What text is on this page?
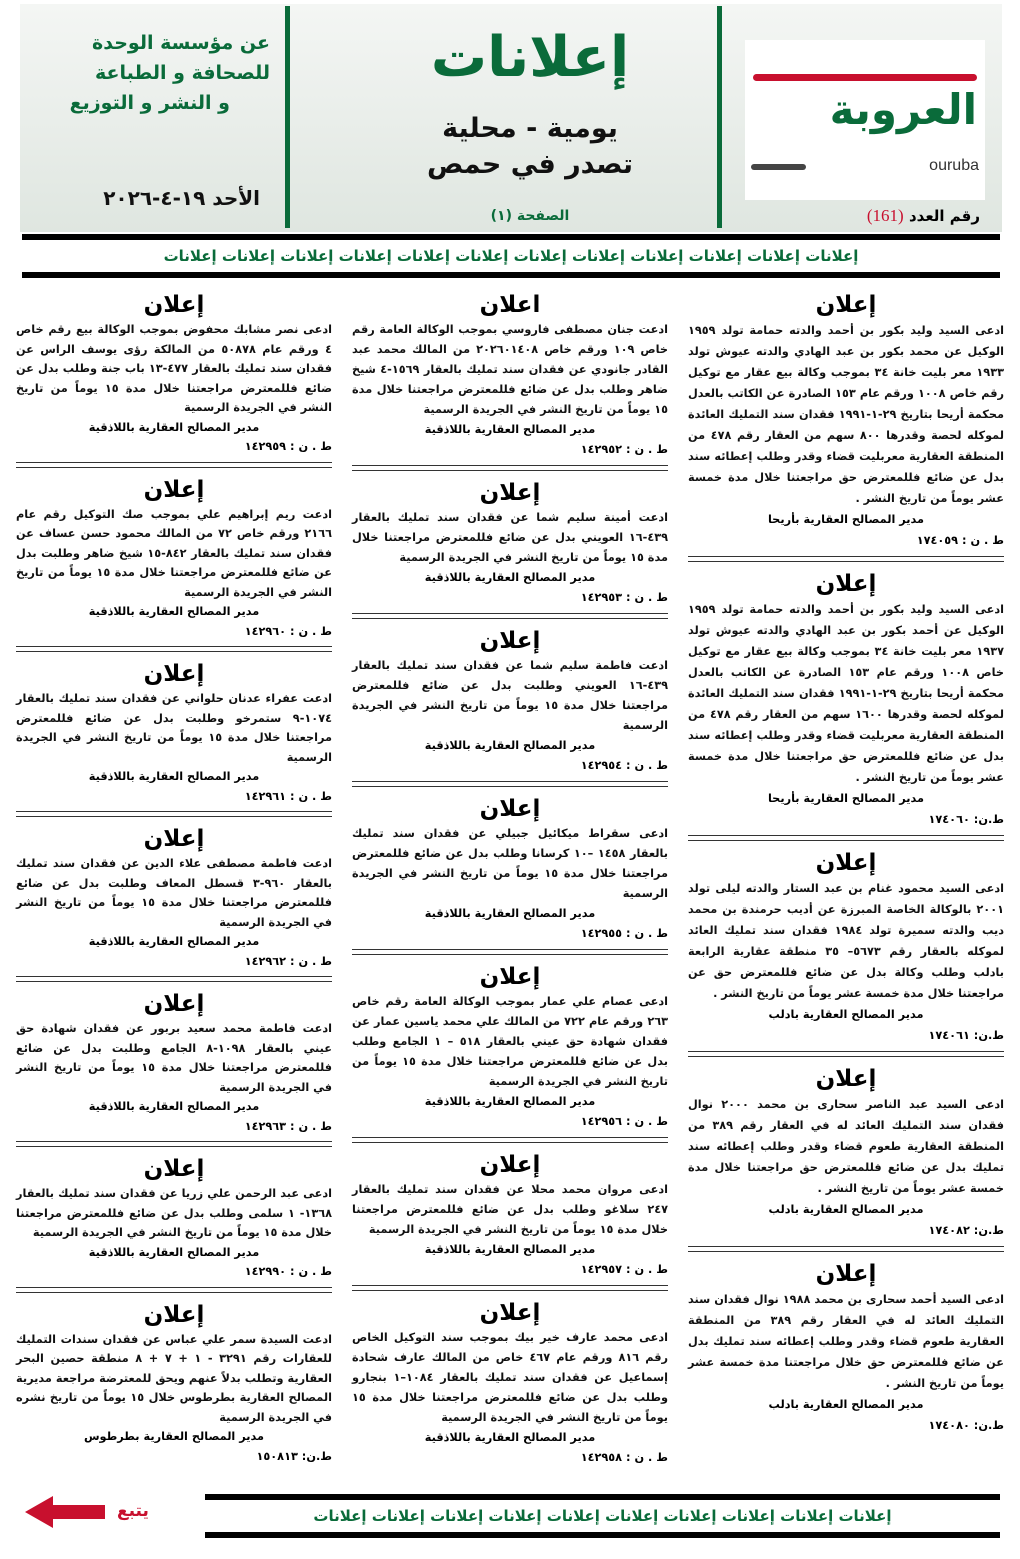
العروبة
ouruba
رقم العدد (161)
إعلانات
يومية - محلية
تصدر في حمص
الصفحة (١)
عن مؤسسة الوحدة
للصحافة و الطباعة
و النشر و التوزيع
الأحد ١٩-٤-٢٠٢٦
إعلانات إعلانات إعلانات إعلانات إعلانات إعلانات إعلانات إعلانات إعلانات إعلانات إعلانات إعلانات
إعلان

ادعى السيد وليد بكور بن أحمد والدته حمامة تولد ١٩٥٩ الوكيل عن محمد بكور بن عبد الهادي والدته عيوش تولد ١٩٣٣ معر بليت خانة ٣٤ بموجب وكالة بيع عقار مع توكيل رقم خاص ١٠٠٨ ورقم عام ١٥٣ الصادرة عن الكاتب بالعدل محكمة أريحا بتاريخ ٢٩-١-١٩٩١ فقدان سند التمليك العائدة لموكله لحصة وقدرها ٨٠٠ سهم من العقار رقم ٤٧٨ من المنطقة العقارية معربليت قضاء وقدر وطلب إعطائه سند بدل عن ضائع فللمعترض حق مراجعتنا خلال مدة خمسة عشر يوماً من تاريخ النشر .

مدير المصالح العقارية بأريحا
ط . ن : ١٧٤٠٥٩
إعلان

ادعى السيد وليد بكور بن أحمد والدته حمامة تولد ١٩٥٩ الوكيل عن أحمد بكور بن عبد الهادي والدته عيوش تولد ١٩٣٧ معر بليت خانة ٣٤ بموجب وكالة بيع عقار مع توكيل خاص ١٠٠٨ ورقم عام ١٥٣ الصادرة عن الكاتب بالعدل محكمة أريحا بتاريخ ٢٩-١-١٩٩١ فقدان سند التمليك العائدة لموكله لحصة وقدرها ١٦٠٠ سهم من العقار رقم ٤٧٨ من المنطقة العقارية معربليت قضاء وقدر وطلب إعطائه سند بدل عن ضائع فللمعترض حق مراجعتنا خلال مدة خمسة عشر يوماً من تاريخ النشر .

مدير المصالح العقارية بأريحا
ط.ن: ١٧٤٠٦٠
إعلان

ادعى السيد محمود غنام بن عبد الستار والدته ليلى تولد ٢٠٠١ بالوكالة الخاصة المبرزة عن أديب حرمندة بن محمد ديب والدته سميرة تولد ١٩٨٤ فقدان سند تمليك العائد لموكله بالعقار رقم ٥٦٧٣– ٣٥ منطقة عقارية الرابعة بادلب وطلب وكالة بدل عن ضائع فللمعترض حق عن مراجعتنا خلال مدة خمسة عشر يوماً من تاريخ النشر .

مدير المصالح العقارية بادلب
ط.ن: ١٧٤٠٦١
إعلان

ادعى السيد عبد الناصر سحارى بن محمد ٢٠٠٠ نوال فقدان سند التمليك العائد له في العقار رقم ٣٨٩ من المنطقة العقارية طعوم قضاء وقدر وطلب إعطائه سند تمليك بدل عن ضائع فللمعترض حق مراجعتنا خلال مدة خمسة عشر يوماً من تاريخ النشر .

مدير المصالح العقارية بادلب
ط.ن: ١٧٤٠٨٢
إعلان

ادعى السيد أحمد سحارى بن محمد ١٩٨٨ نوال فقدان سند التمليك العائد له في العقار رقم ٣٨٩ من المنطقة العقارية طعوم قضاء وقدر وطلب إعطائه سند تمليك بدل عن ضائع فللمعترض حق خلال مراجعتنا مدة خمسة عشر يوماً من تاريخ النشر .

مدير المصالح العقارية بادلب
ط.ن: ١٧٤٠٨٠
اعلان

ادعت جنان مصطفى فاروسي بموجب الوكالة العامة رقم خاص ١٠٩ ورقم خاص ٢٠٢٦٠١٤٠٨ من المالك محمد عبد القادر جانودي عن فقدان سند تمليك بالعقار ١٥٦٩-٤ شيخ ضاهر وطلب بدل عن ضائع فللمعترض مراجعتنا خلال مدة ١٥ يوماً من تاريخ النشر في الجريدة الرسمية

مدير المصالح العقارية باللاذقية
ط . ن : ١٤٢٩٥٢
إعلان

ادعت أمينة سليم شما عن فقدان سند تمليك بالعقار ٤٣٩-١٦ العويني بدل عن ضائع فللمعترض مراجعتنا خلال مدة ١٥ يوماً من تاريخ النشر في الجريدة الرسمية

مدير المصالح العقارية باللاذقية
ط . ن : ١٤٢٩٥٣
إعلان

ادعت فاطمة سليم شما عن فقدان سند تمليك بالعقار ٤٣٩-١٦ العويني وطلبت بدل عن ضائع فللمعترض مراجعتنا خلال مدة ١٥ يوماً من تاريخ النشر في الجريدة الرسمية

مدير المصالح العقارية باللاذقية
ط . ن : ١٤٢٩٥٤
إعلان

ادعى سقراط ميكائيل جبيلي عن فقدان سند تمليك بالعقار ١٤٥٨ –١٠ كرسانا وطلب بدل عن ضائع فللمعترض مراجعتنا خلال مدة ١٥ يوماً من تاريخ النشر في الجريدة الرسمية

مدير المصالح العقارية باللاذقية
ط . ن : ١٤٢٩٥٥
إعلان

ادعى عصام علي عمار بموجب الوكالة العامة رقم خاص ٢٦٣ ورقم عام ٧٢٢ من المالك علي محمد ياسين عمار عن فقدان شهادة حق عيني بالعقار ٥١٨ – ١ الجامع وطلب بدل عن ضائع فللمعترض مراجعتنا خلال مدة ١٥ يوماً من تاريخ النشر في الجريدة الرسمية

مدير المصالح العقارية باللاذقية
ط . ن : ١٤٢٩٥٦
إعلان

ادعى مروان محمد محلا عن فقدان سند تمليك بالعقار ٢٤٧ سلاغو وطلب بدل عن ضائع فللمعترض مراجعتنا خلال مدة ١٥ يوماً من تاريخ النشر في الجريدة الرسمية

مدير المصالح العقارية باللاذقية
ط . ن : ١٤٢٩٥٧
إعلان

ادعى محمد عارف خير بيك بموجب سند التوكيل الخاص رقم ٨١٦ ورقم عام ٤٦٧ خاص من المالك عارف شحادة إسماعيل عن فقدان سند تمليك بالعقار ١٠٨٤–١ بنجارو وطلب بدل عن ضائع فللمعترض مراجعتنا خلال مدة ١٥ يوماً من تاريخ النشر في الجريدة الرسمية

مدير المصالح العقارية باللاذقية
ط . ن : ١٤٢٩٥٨
إعلان

ادعى نصر مشابك محفوض بموجب الوكالة بيع رقم خاص ٤ ورقم عام ٥٠٨٧٨ من المالكة رؤى يوسف الراس عن فقدان سند تمليك بالعقار ٤٧٧-١٣ باب جنة وطلب بدل عن ضائع فللمعترض مراجعتنا خلال مدة ١٥ يوماً من تاريخ النشر في الجريدة الرسمية

مدير المصالح العقارية باللاذقية
ط . ن : ١٤٢٩٥٩
إعلان

ادعت ريم إبراهيم علي بموجب صك التوكيل رقم عام ٢١٦٦ ورقم خاص ٧٢ من المالك محمود حسن عساف عن فقدان سند تمليك بالعقار ٨٤٢-١٥ شيخ ضاهر وطلبت بدل عن ضائع فللمعترض مراجعتنا خلال مدة ١٥ يوماً من تاريخ النشر في الجريدة الرسمية

مدير المصالح العقارية باللاذقية
ط . ن : ١٤٢٩٦٠
إعلان

ادعت عفراء عدنان حلواني عن فقدان سند تمليك بالعقار ١٠٧٤-٩ ستمرخو وطلبت بدل عن ضائع فللمعترض مراجعتنا خلال مدة ١٥ يوماً من تاريخ النشر في الجريدة الرسمية

مدير المصالح العقارية باللاذقية
ط . ن : ١٤٢٩٦١
إعلان

ادعت فاطمة مصطفى علاء الدين عن فقدان سند تمليك بالعقار ٩٦٠-٣ قسطل المعاف وطلبت بدل عن ضائع فللمعترض مراجعتنا خلال مدة ١٥ يوماً من تاريخ النشر في الجريدة الرسمية

مدير المصالح العقارية باللاذقية
ط . ن : ١٤٢٩٦٢
إعلان

ادعت فاطمة محمد سعيد بربور عن فقدان شهادة حق عيني بالعقار ١٠٩٨-٨ الجامع وطلبت بدل عن ضائع فللمعترض مراجعتنا خلال مدة ١٥ يوماً من تاريخ النشر في الجريدة الرسمية

مدير المصالح العقارية باللاذقية
ط . ن : ١٤٢٩٦٣
إعلان

ادعى عبد الرحمن علي زريا عن فقدان سند تمليك بالعقار ١٣٦٨- ١ سلمى وطلب بدل عن ضائع فللمعترض مراجعتنا خلال مدة ١٥ يوماً من تاريخ النشر في الجريدة الرسمية

مدير المصالح العقارية باللاذقية
ط . ن : ١٤٢٩٩٠
إعلان

ادعت السيدة سمر علي عباس عن فقدان سندات التمليك للعقارات رقم ٣٢٩١ - ١ + ٧ + ٨ منطقة حصين البحر العقارية وتطلب بدلاً عنهم ويحق للمعترضة مراجعة مديرية المصالح العقارية بطرطوس خلال ١٥ يوماً من تاريخ نشره في الجريدة الرسمية

مدير المصالح العقارية بطرطوس
ط.ن: ١٥٠٨١٣
يتبع	إعلانات إعلانات إعلانات إعلانات إعلانات إعلانات إعلانات إعلانات إعلانات إعلانات
